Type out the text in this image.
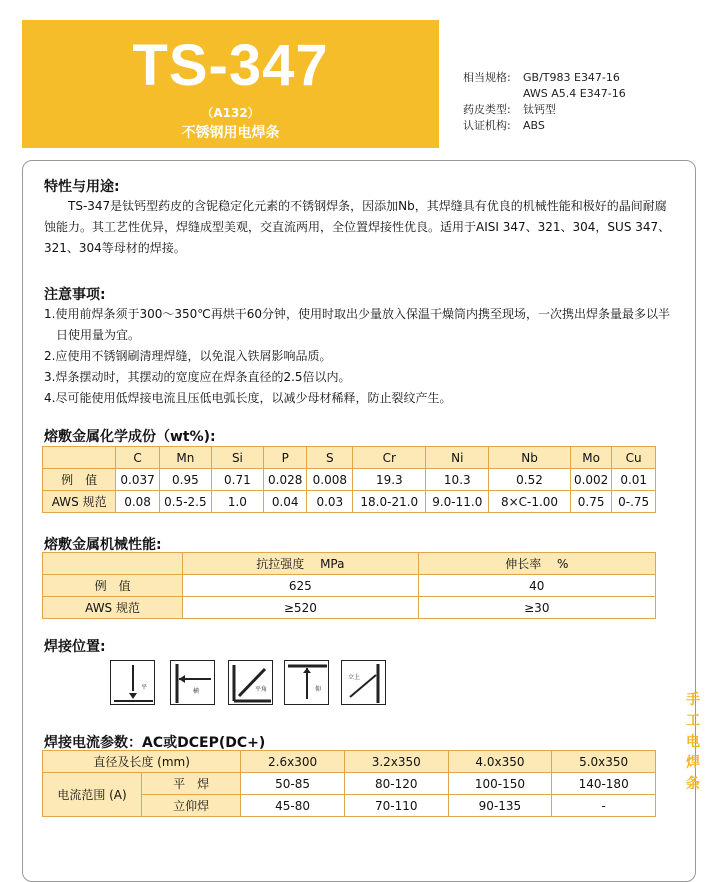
TS-347
（A132）
不锈钢用电焊条
相当规格:	GB/T983 E347-16
AWS A5.4 E347-16
药皮类型:	钛钙型
认证机构:	ABS
特性与用途:

TS-347是钛钙型药皮的含铌稳定化元素的不锈钢焊条，因添加Nb，其焊缝具有优良的机械性能和极好的晶间耐腐蚀能力。其工艺性优异，焊缝成型美观，交直流两用，全位置焊接性优良。适用于AISI 347、321、304，SUS 347、321、304等母材的焊接。

注意事项:

1.使用前焊条须于300～350℃再烘干60分钟，使用时取出少量放入保温干燥筒内携至现场，一次携出焊条量最多以半日使用量为宜。

2.应使用不锈钢刷清理焊缝，以免混入铁屑影响品质。

3.焊条摆动时，其摆动的宽度应在焊条直径的2.5倍以内。

4.尽可能使用低焊接电流且压低电弧长度，以减少母材稀释，防止裂纹产生。

熔敷金属化学成份（wt%):
	C	Mn	Si	P	S	Cr	Ni	Nb	Mo	Cu
例　值	0.037	0.95	0.71	0.028	0.008	19.3	10.3	0.52	0.002	0.01
AWS 规范	0.08	0.5-2.5	1.0	0.04	0.03	18.0-21.0	9.0-11.0	8×C-1.00	0.75	0-.75
熔敷金属机械性能:
	抗拉强度　 MPa	伸长率　 %
例　值	625	40
AWS 规范	≥520	≥30
焊接位置:
平
横	平角	仰
立上
焊接电流参数：AC或DCEP(DC+)
直径及长度 (mm)		2.6x300	3.2x350	4.0x350	5.0x350
电流范围 (A)	平　焊	50-85	80-120	100-150	140-180
	立仰焊	45-80	70-110	90-135	-
手工电焊条
